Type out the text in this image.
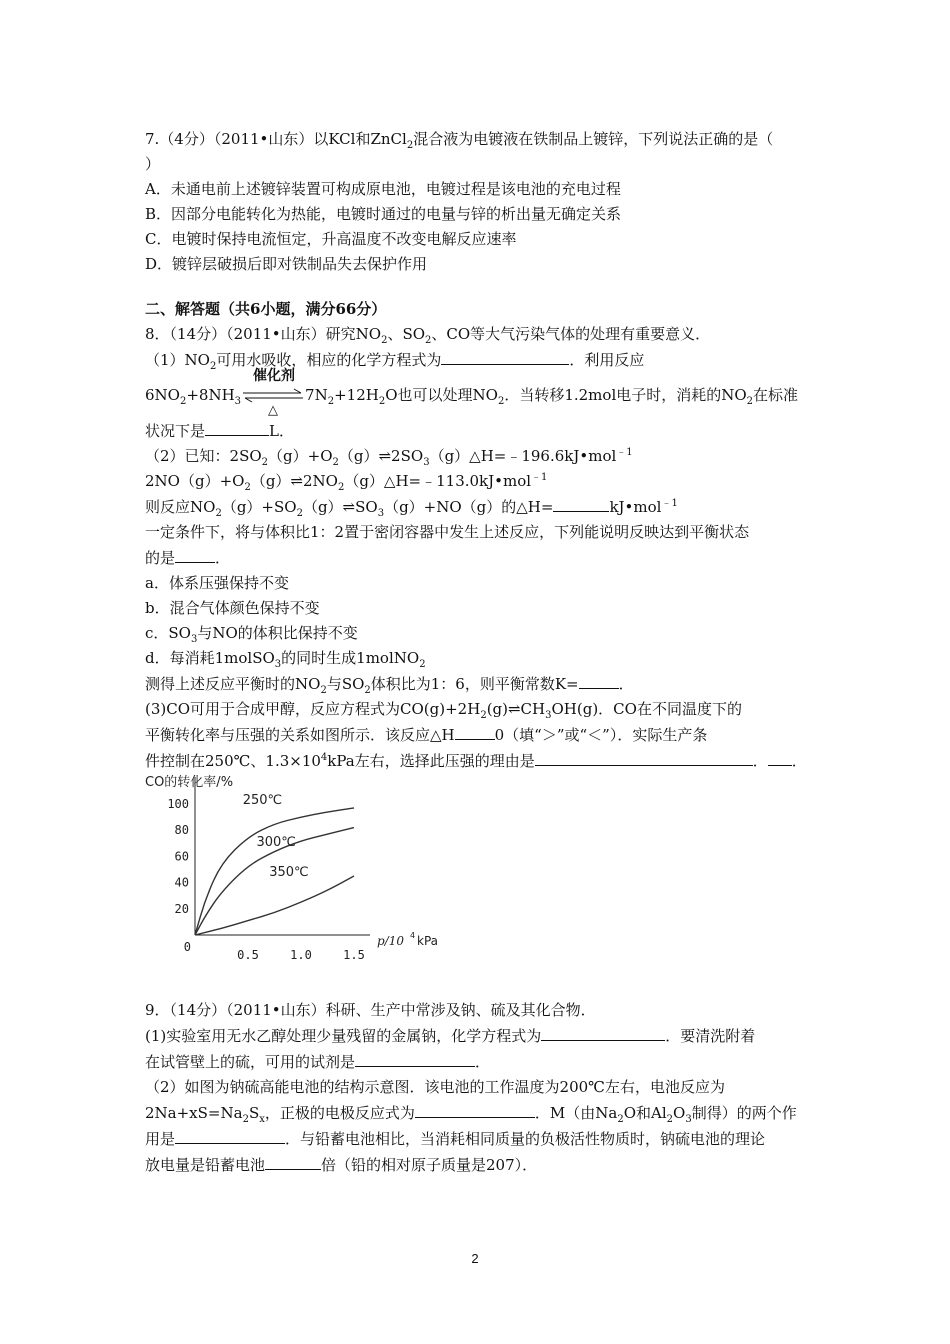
7.（4分）（2011•山东）以KCl和ZnCl$_2$混合液为电镀液在铁制品上镀锌，下列说法正确的是（
）
A．未通电前上述镀锌装置可构成原电池，电镀过程是该电池的充电过程
B．因部分电能转化为热能，电镀时通过的电量与锌的析出量无确定关系
C．电镀时保持电流恒定，升高温度不改变电解反应速率
D．镀锌层破损后即对铁制品失去保护作用
二、解答题（共6小题，满分66分）
8．（14分）（2011•山东）研究$NO_2$、$SO_2$、CO等大气污染气体的处理有重要意义．
$(1)NO_2$可用水吸收，相应的化学方程式为	．利用反应
$6NO_2+8NH_3$
催化剂
△
$7N_2+12H_2O$也可以处理$NO_2$．当转移1.2mol电子时，消耗的$NO_2$在标准
状况下是	L．
（2）已知：$2SO_2(g)+O_2(g)\rightleftharpoons 2SO_3(g)\triangle H=﹣196.6kJ•mol^{﹣1}$
$2NO(g)+O_2(g)\rightleftharpoons 2NO_2(g)\triangle H=﹣113.0kJ•mol^{﹣1}$
则反应$NO_2(g)+SO_2(g)\rightleftharpoons SO_3(g)+NO(g)$的△H=	kJ•mol$^{﹣1}$
一定条件下，将与体积比1：2置于密闭容器中发生上述反应，下列能说明反映达到平衡状态
的是	．
a．体系压强保持不变
b．混合气体颜色保持不变
c．$SO_3$与NO的体积比保持不变
d．每消耗1molSO$_3$的同时生成1molNO$_2$
测得上述反应平衡时的$NO_2$与$SO_2$体积比为1：6，则平衡常数K=	．
(3)CO可用于合成甲醇，反应方程式为$CO(g)+2H_2(g)\rightleftharpoons CH_3OH(g)$．CO在不同温度下的
平衡转化率与压强的关系如图所示．该反应△H	0（填“＞”或“＜”）．实际生产条
件控制在250℃、$1.3\times 10^4kPa$左右，选择此压强的理由是	． ．
CO的转化率/%
20
40
60
80
100
0
0.5	1.0	1.5
p/10 4 kPa
250℃
300℃
350℃
9．（14分）（2011•山东）科研、生产中常涉及钠、硫及其化合物．
(1)实验室用无水乙醇处理少量残留的金属钠，化学方程式为	．要清洗附着
在试管壁上的硫，可用的试剂是	．
（2）如图为钠硫高能电池的结构示意图．该电池的工作温度为200℃左右，电池反应为
$2Na+xS=Na_2S_x$，正极的电极反应式为	．M（由$Na_2O$和$Al_2O_3$制得）的两个作
用是	．与铅蓄电池相比，当消耗相同质量的负极活性物质时，钠硫电池的理论
放电量是铅蓄电池	倍（铅的相对原子质量是207）．
2
